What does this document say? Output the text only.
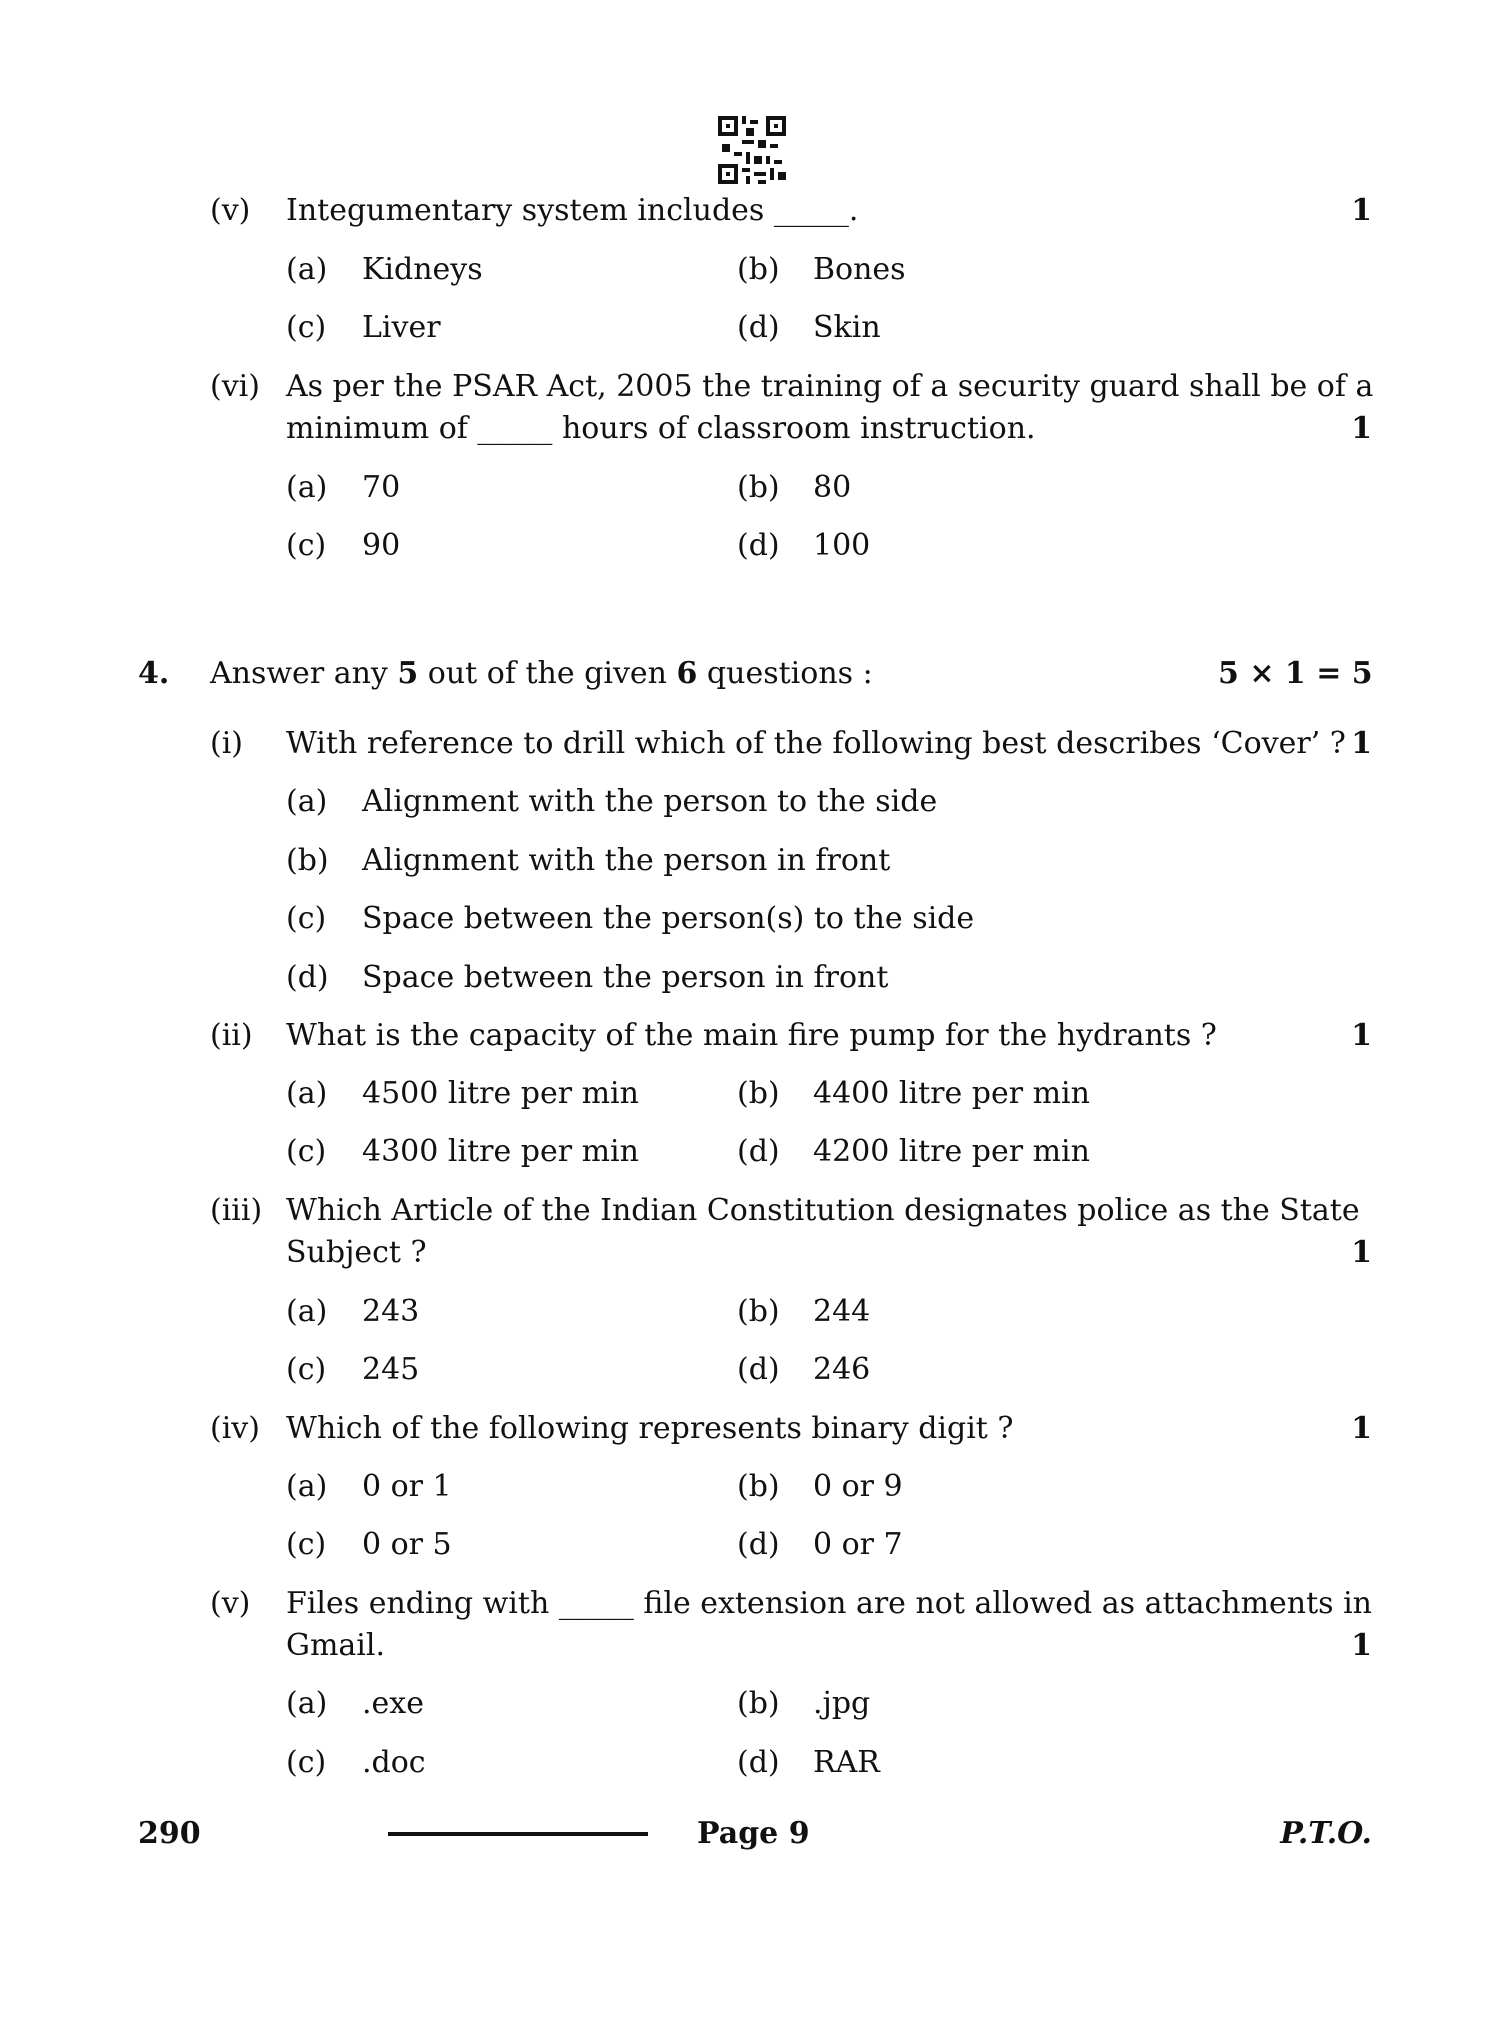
(v) Integumentary system includes _____.	1
(a) Kidneys	(b) Bones
(c) Liver	(d) Skin
(vi) As per the PSAR Act, 2005 the training of a security guard shall be of a
minimum of _____ hours of classroom instruction.	1
(a) 70	(b) 80
(c) 90	(d) 100
4. Answer any 5 out of the given 6 questions :	5 × 1 = 5
(i) With reference to drill which of the following best describes ‘Cover’ ? 1
(a) Alignment with the person to the side
(b) Alignment with the person in front
(c) Space between the person(s) to the side
(d) Space between the person in front
(ii) What is the capacity of the main fire pump for the hydrants ?	1
(a) 4500 litre per min	(b) 4400 litre per min
(c) 4300 litre per min	(d) 4200 litre per min
(iii) Which Article of the Indian Constitution designates police as the State
Subject ?	1
(a) 243	(b) 244
(c) 245	(d) 246
(iv) Which of the following represents binary digit ?	1
(a) 0 or 1	(b) 0 or 9
(c) 0 or 5	(d) 0 or 7
(v) Files ending with _____ file extension are not allowed as attachments in
Gmail.	1
(a) .exe	(b) .jpg
(c) .doc	(d) RAR
290	Page 9	P.T.O.
